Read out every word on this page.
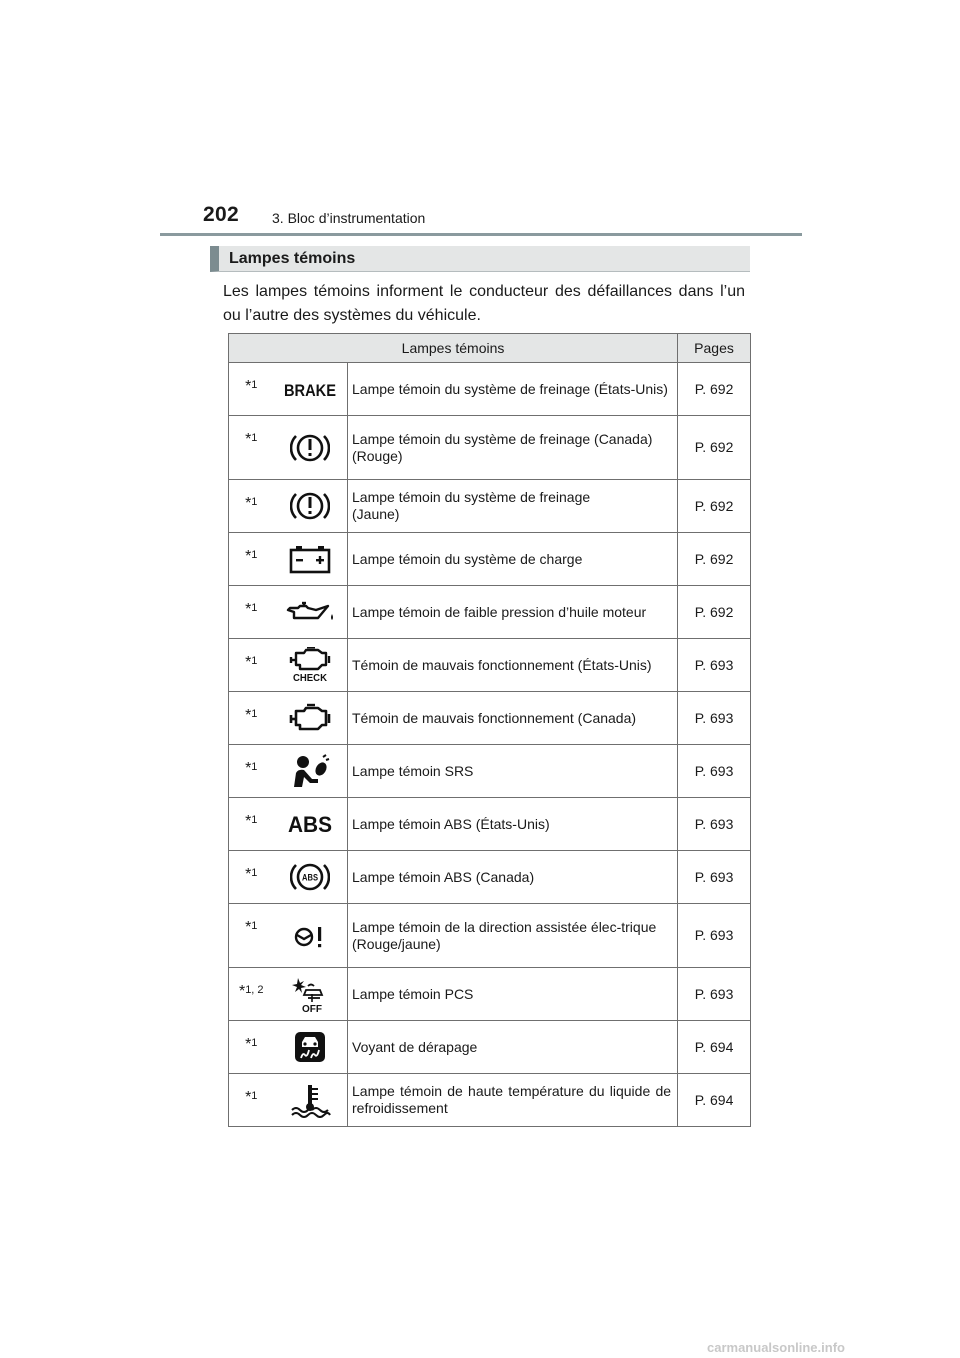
202 3. Bloc d’instrumentation
Lampes témoins
Les lampes témoins informent le conducteur des défaillances dans l’un ou l’autre des systèmes du véhicule.
Lampes témoins			Pages
*$^1$	BRAKE	Lampe témoin du système de freinage (États-Unis)	P. 692
*$^1$		Lampe témoin du système de freinage (Canada)
(Rouge)	P. 692
*$^1$		Lampe témoin du système de freinage
(Jaune)	P. 692
*$^1$		Lampe témoin du système de charge	P. 692
*$^1$		Lampe témoin de faible pression d’huile moteur	P. 692
*$^1$	CHECK	Témoin de mauvais fonctionnement (États-Unis)	P. 693
*$^1$		Témoin de mauvais fonctionnement (Canada)	P. 693
*$^1$		Lampe témoin SRS	P. 693
*$^1$	ABS	Lampe témoin ABS (États-Unis)	P. 693
*$^1$	ABS	Lampe témoin ABS (Canada)	P. 693
*$^1$		Lampe témoin de la direction assistée élec-trique
(Rouge/jaune)	P. 693
*$^{1, 2}$	OFF	Lampe témoin PCS	P. 693
*$^1$		Voyant de dérapage	P. 694
*$^1$		Lampe témoin de haute température du liquide de refroidissement	P. 694
carmanualsonline.info
